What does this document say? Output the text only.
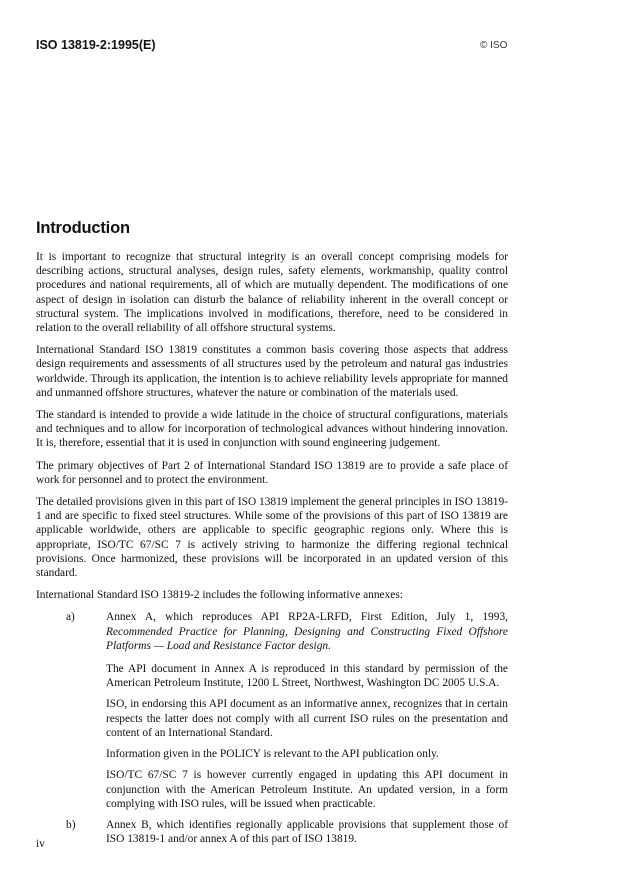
ISO 13819-2:1995(E)	© ISO
Introduction

It is important to recognize that structural integrity is an overall concept comprising models for describing actions, structural analyses, design rules, safety elements, workmanship, quality control procedures and national requirements, all of which are mutually dependent. The modifications of one aspect of design in isolation can disturb the balance of reliability inherent in the overall concept or structural system. The implications involved in modifications, therefore, need to be considered in relation to the overall reliability of all offshore structural systems.

International Standard ISO 13819 constitutes a common basis covering those aspects that address design requirements and assessments of all structures used by the petroleum and natural gas industries worldwide. Through its application, the intention is to achieve reliability levels appropriate for manned and unmanned offshore structures, whatever the nature or combination of the materials used.

The standard is intended to provide a wide latitude in the choice of structural configurations, materials and techniques and to allow for incorporation of technological advances without hindering innovation. It is, therefore, essential that it is used in conjunction with sound engineering judgement.

The primary objectives of Part 2 of International Standard ISO 13819 are to provide a safe place of work for personnel and to protect the environment.

The detailed provisions given in this part of ISO 13819 implement the general principles in ISO 13819-1 and are specific to fixed steel structures. While some of the provisions of this part of ISO 13819 are applicable worldwide, others are applicable to specific geographic regions only. Where this is appropriate, ISO/TC 67/SC 7 is actively striving to harmonize the differing regional technical provisions. Once harmonized, these provisions will be incorporated in an updated version of this standard.

International Standard ISO 13819-2 includes the following informative annexes:

a)	Annex A, which reproduces API RP2A-LRFD, First Edition, July 1, 1993, Recommended Practice for Planning, Designing and Constructing Fixed Offshore Platforms — Load and Resistance Factor design.

The API document in Annex A is reproduced in this standard by permission of the American Petroleum Institute, 1200 L Street, Northwest, Washington DC 2005 U.S.A.

ISO, in endorsing this API document as an informative annex, recognizes that in certain respects the latter does not comply with all current ISO rules on the presentation and content of an International Standard.

Information given in the POLICY is relevant to the API publication only.

ISO/TC 67/SC 7 is however currently engaged in updating this API document in conjunction with the American Petroleum Institute. An updated version, in a form complying with ISO rules, will be issued when practicable.

b)	Annex B, which identifies regionally applicable provisions that supplement those of ISO 13819-1 and/or annex A of this part of ISO 13819.

iv
